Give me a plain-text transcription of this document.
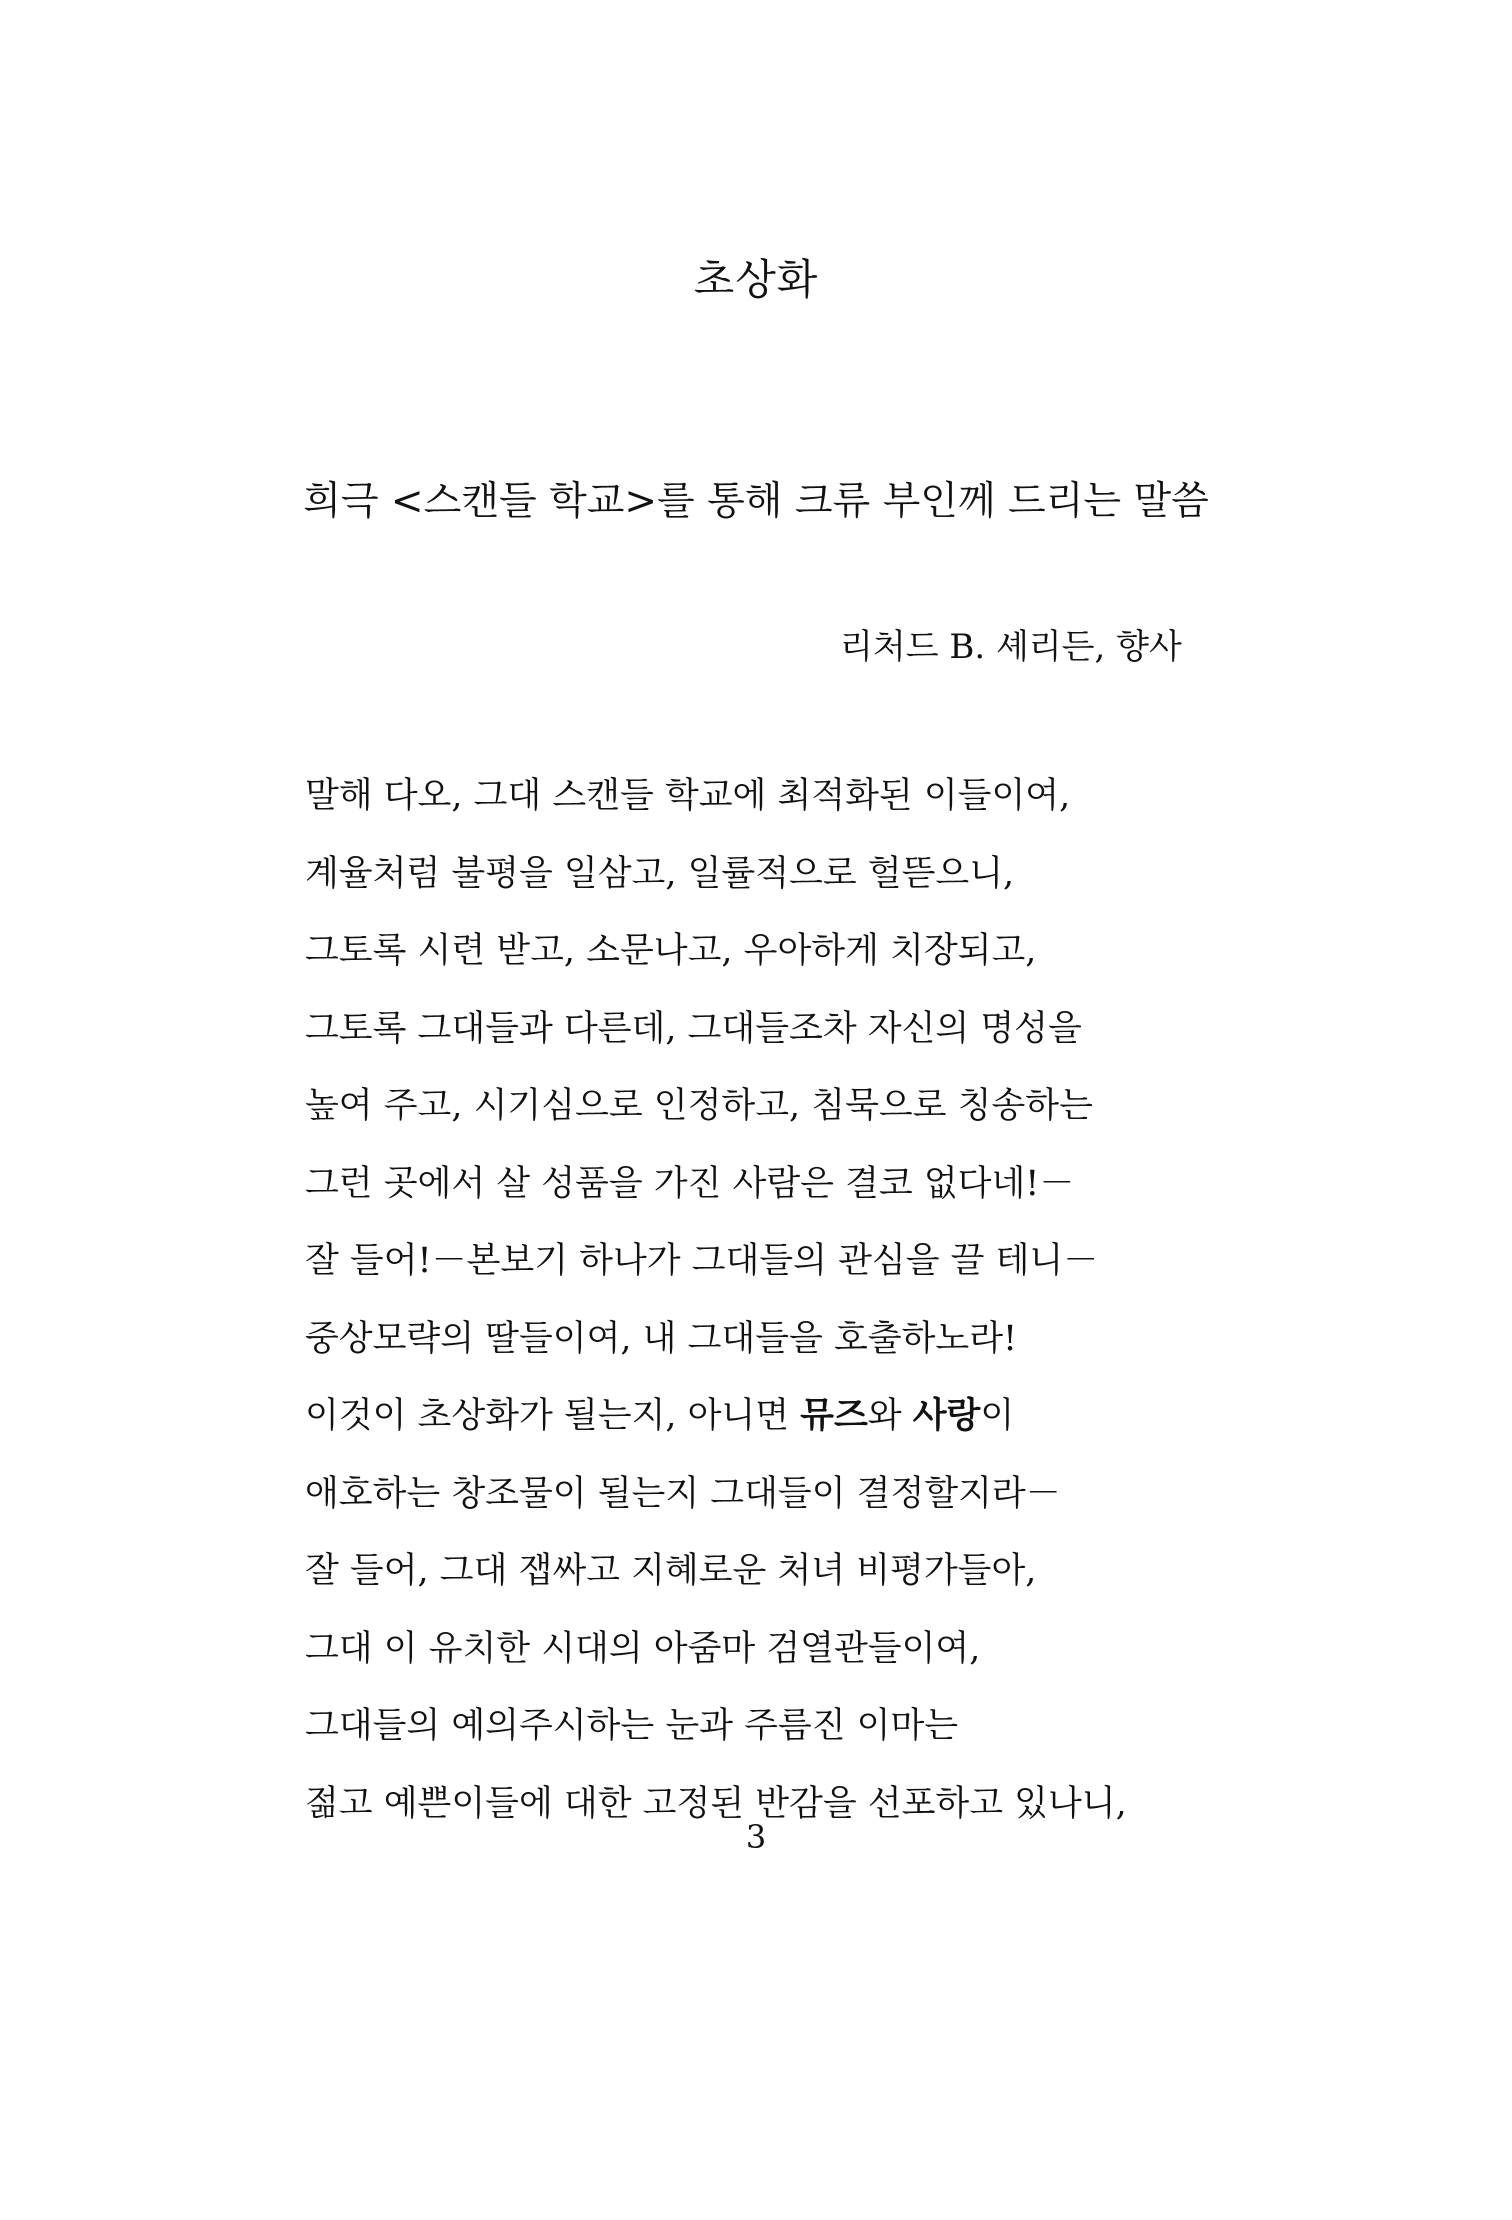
초상화
희극 <스캔들 학교>를 통해 크류 부인께 드리는 말씀
리처드 B. 셰리든, 향사
말해 다오, 그대 스캔들 학교에 최적화된 이들이여,
계율처럼 불평을 일삼고, 일률적으로 헐뜯으니,
그토록 시련 받고, 소문나고, 우아하게 치장되고,
그토록 그대들과 다른데, 그대들조차 자신의 명성을
높여 주고, 시기심으로 인정하고, 침묵으로 칭송하는
그런 곳에서 살 성품을 가진 사람은 결코 없다네!－
잘 들어!－본보기 하나가 그대들의 관심을 끌 테니－
중상모략의 딸들이여, 내 그대들을 호출하노라!
이것이 초상화가 될는지, 아니면 뮤즈와 사랑이
애호하는 창조물이 될는지 그대들이 결정할지라－
잘 들어, 그대 잽싸고 지혜로운 처녀 비평가들아,
그대 이 유치한 시대의 아줌마 검열관들이여,
그대들의 예의주시하는 눈과 주름진 이마는
젊고 예쁜이들에 대한 고정된 반감을 선포하고 있나니,
3
